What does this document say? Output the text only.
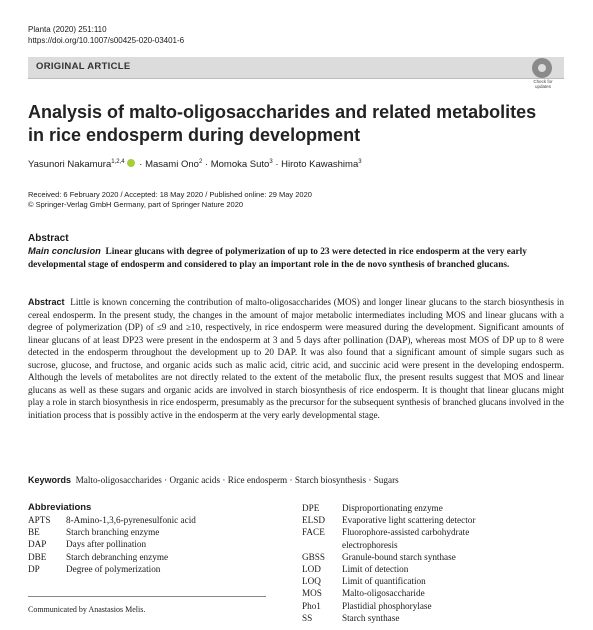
Planta (2020) 251:110
https://doi.org/10.1007/s00425-020-03401-6
ORIGINAL ARTICLE
Check for updates
Analysis of malto-oligosaccharides and related metabolites in rice endosperm during development
Yasunori Nakamura$^{1,2,4}$ · Masami Ono$^2$ · Momoka Suto$^3$ · Hiroto Kawashima$^3$
Received: 6 February 2020 / Accepted: 18 May 2020 / Published online: 29 May 2020
© Springer-Verlag GmbH Germany, part of Springer Nature 2020
Abstract
Main conclusion Linear glucans with degree of polymerization of up to 23 were detected in rice endosperm at the very early developmental stage of endosperm and considered to play an important role in the de novo synthesis of branched glucans.
Abstract Little is known concerning the contribution of malto-oligosaccharides (MOS) and longer linear glucans to the starch biosynthesis in cereal endosperm. In the present study, the changes in the amount of major metabolic intermediates including MOS and linear glucans with a degree of polymerization (DP) of ≤9 and ≥10, respectively, in rice endosperm were measured during the development. Significant amounts of linear glucans of at least DP23 were present in the endosperm at 3 and 5 days after pollination (DAP), whereas most MOS of DP up to 8 were detected in the endosperm throughout the development up to 20 DAP. It was also found that a significant amount of simple sugars such as sucrose, glucose, and fructose, and organic acids such as malic acid, citric acid, and succinic acid were present in the developing endosperm. Although the levels of metabolites are not directly related to the extent of the metabolic flux, the present results suggest that MOS and linear glucans as well as these sugars and organic acids are involved in starch biosynthesis of rice endosperm. It is thought that linear glucans might play a role in starch biosynthesis in rice endosperm, presumably as the precursor for the subsequent synthesis of branched glucans involved in the initiation process that is possibly active in the endosperm at the very early developmental stage.
Keywords Malto-oligosaccharides · Organic acids · Rice endosperm · Starch biosynthesis · Sugars
Abbreviations
APTS 8-Amino-1,3,6-pyrenesulfonic acid
BE	Starch branching enzyme
DAP Days after pollination
DBE Starch debranching enzyme
DP	Degree of polymerization
DPE Disproportionating enzyme
ELSD Evaporative light scattering detector
FACE Fluorophore-assisted carbohydrate
electrophoresis
GBSS Granule-bound starch synthase
LOD Limit of detection
LOQ Limit of quantification
MOS Malto-oligosaccharide
Pho1 Plastidial phosphorylase
SS	Starch synthase
Communicated by Anastasios Melis.
